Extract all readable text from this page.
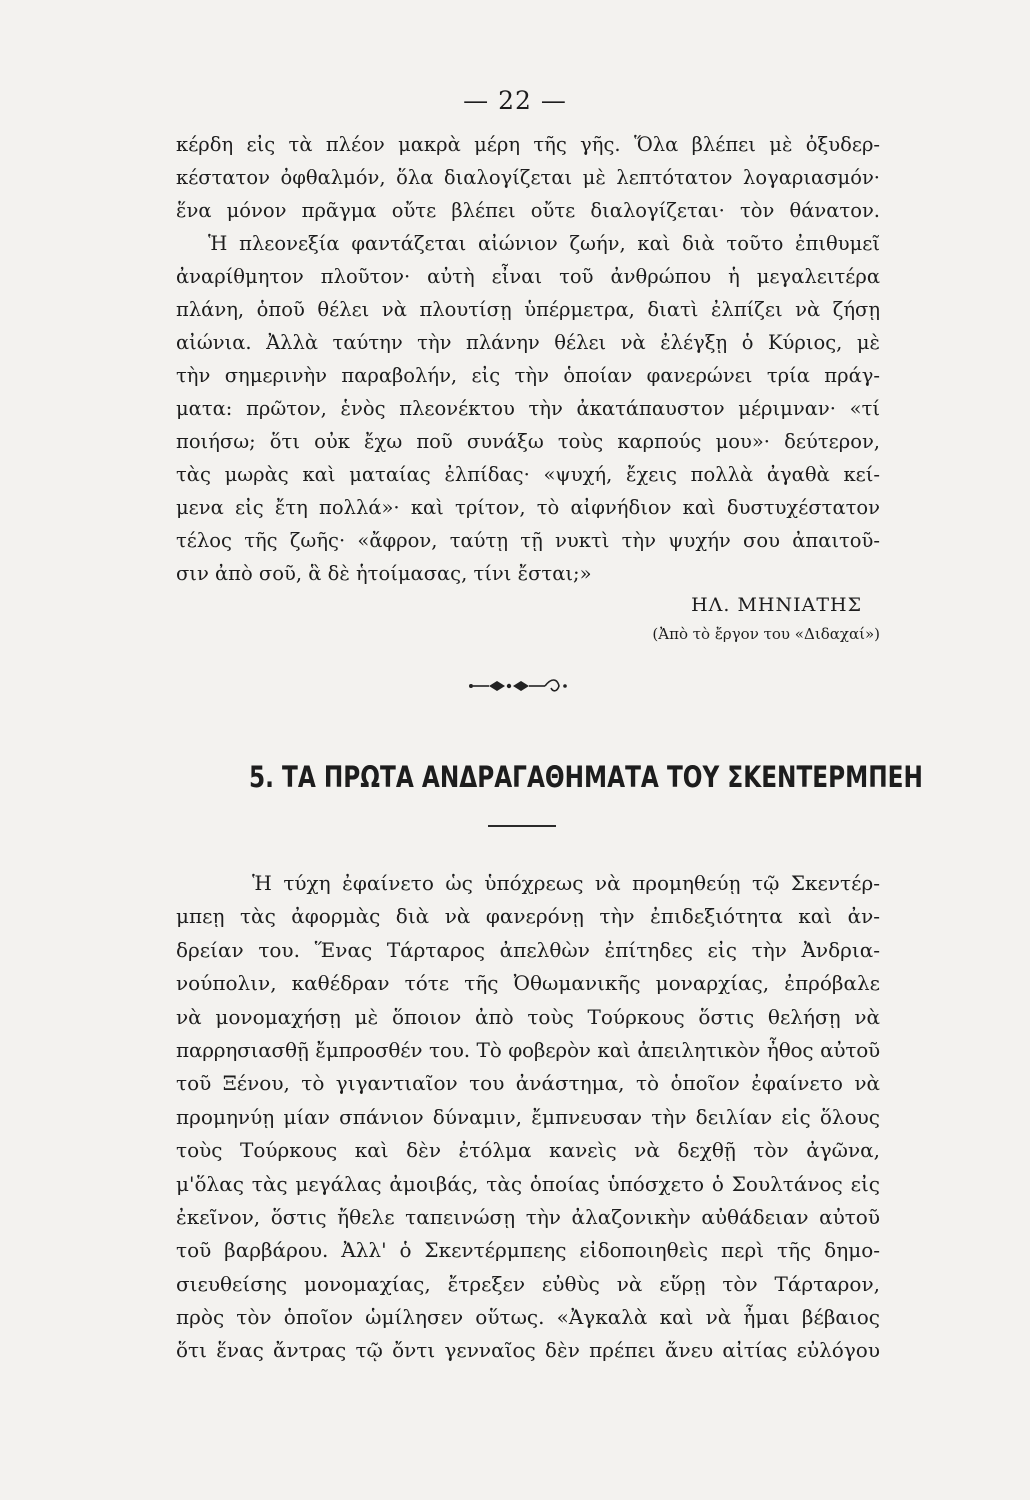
— 22 —
κέρδη εἰς τὰ πλέον μακρὰ μέρη τῆς γῆς. Ὅλα βλέπει μὲ ὀξυδερ-
κέστατον ὀφθαλμόν, ὅλα διαλογίζεται μὲ λεπτότατον λογαριασμόν·
ἕνα μόνον πρᾶγμα οὔτε βλέπει οὔτε διαλογίζεται· τὸν θάνατον.
Ἡ πλεονεξία φαντάζεται αἰώνιον ζωήν, καὶ διὰ τοῦτο ἐπιθυμεῖ
ἀναρίθμητον πλοῦτον· αὐτὴ εἶναι τοῦ ἀνθρώπου ἡ μεγαλειτέρα
πλάνη, ὁποῦ θέλει νὰ πλουτίσῃ ὑπέρμετρα, διατὶ ἐλπίζει νὰ ζήσῃ
αἰώνια. Ἀλλὰ ταύτην τὴν πλάνην θέλει νὰ ἐλέγξῃ ὁ Κύριος, μὲ
τὴν σημερινὴν παραβολήν, εἰς τὴν ὁποίαν φανερώνει τρία πράγ-
ματα: πρῶτον, ἑνὸς πλεονέκτου τὴν ἀκατάπαυστον μέριμναν· «τί
ποιήσω; ὅτι οὐκ ἔχω ποῦ συνάξω τοὺς καρπούς μου»· δεύτερον,
τὰς μωρὰς καὶ ματαίας ἐλπίδας· «ψυχή, ἔχεις πολλὰ ἀγαθὰ κεί-
μενα εἰς ἔτη πολλά»· καὶ τρίτον, τὸ αἰφνήδιον καὶ δυστυχέστατον
τέλος τῆς ζωῆς· «ἄφρον, ταύτῃ τῇ νυκτὶ τὴν ψυχήν σου ἀπαιτοῦ-
σιν ἀπὸ σοῦ, ἃ δὲ ἡτοίμασας, τίνι ἔσται;»
ΗΛ. ΜΗΝΙΑΤΗΣ
(Ἀπὸ τὸ ἔργον του «Διδαχαί»)
5. ΤΑ ΠΡΩΤΑ ΑΝΔΡΑΓΑΘΗΜΑΤΑ ΤΟΥ ΣΚΕΝΤΕΡΜΠΕΗ
Ἡ τύχη ἐφαίνετο ὡς ὑπόχρεως νὰ προμηθεύῃ τῷ Σκεντέρ-
μπεῃ τὰς ἀφορμὰς διὰ νὰ φανερόνῃ τὴν ἐπιδεξιότητα καὶ ἀν-
δρείαν του. Ἕνας Τάρταρος ἀπελθὼν ἐπίτηδες εἰς τὴν Ἀνδρια-
νούπολιν, καθέδραν τότε τῆς Ὀθωμανικῆς μοναρχίας, ἐπρόβαλε
νὰ μονομαχήσῃ μὲ ὅποιον ἀπὸ τοὺς Τούρκους ὅστις θελήσῃ νὰ
παρρησιασθῇ ἔμπροσθέν του. Τὸ φοβερὸν καὶ ἀπειλητικὸν ἦθος αὐτοῦ
τοῦ Ξένου, τὸ γιγαντιαῖον του ἀνάστημα, τὸ ὁποῖον ἐφαίνετο νὰ
προμηνύῃ μίαν σπάνιον δύναμιν, ἔμπνευσαν τὴν δειλίαν εἰς ὅλους
τοὺς Τούρκους καὶ δὲν ἐτόλμα κανεὶς νὰ δεχθῇ τὸν ἀγῶνα,
μ'ὅλας τὰς μεγάλας ἀμοιβάς, τὰς ὁποίας ὑπόσχετο ὁ Σουλτάνος εἰς
ἐκεῖνον, ὅστις ἤθελε ταπεινώσῃ τὴν ἀλαζονικὴν αὐθάδειαν αὐτοῦ
τοῦ βαρβάρου. Ἀλλ' ὁ Σκεντέρμπεης εἰδοποιηθεὶς περὶ τῆς δημο-
σιευθείσης μονομαχίας, ἔτρεξεν εὐθὺς νὰ εὕρῃ τὸν Τάρταρον,
πρὸς τὸν ὁποῖον ὡμίλησεν οὕτως. «Ἀγκαλὰ καὶ νὰ ἦμαι βέβαιος
ὅτι ἕνας ἄντρας τῷ ὄντι γενναῖος δὲν πρέπει ἄνευ αἰτίας εὐλόγου
